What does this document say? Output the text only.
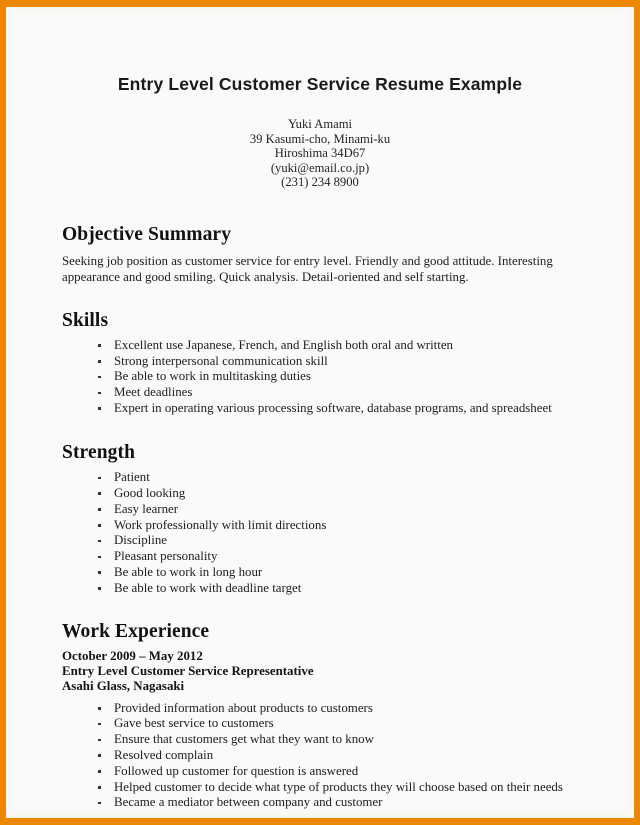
Entry Level Customer Service Resume Example
Yuki Amami
39 Kasumi-cho, Minami-ku
Hiroshima 34D67
(yuki@email.co.jp)
(231) 234 8900
Objective Summary

Seeking job position as customer service for entry level. Friendly and good attitude. Interesting appearance and good smiling. Quick analysis. Detail-oriented and self starting.

Skills
Excellent use Japanese, French, and English both oral and written
Strong interpersonal communication skill
Be able to work in multitasking duties
Meet deadlines
Expert in operating various processing software, database programs, and spreadsheet
Strength
Patient
Good looking
Easy learner
Work professionally with limit directions
Discipline
Pleasant personality
Be able to work in long hour
Be able to work with deadline target
Work Experience
October 2009 – May 2012
Entry Level Customer Service Representative
Asahi Glass, Nagasaki
Provided information about products to customers
Gave best service to customers
Ensure that customers get what they want to know
Resolved complain
Followed up customer for question is answered
Helped customer to decide what type of products they will choose based on their needs
Became a mediator between company and customer
